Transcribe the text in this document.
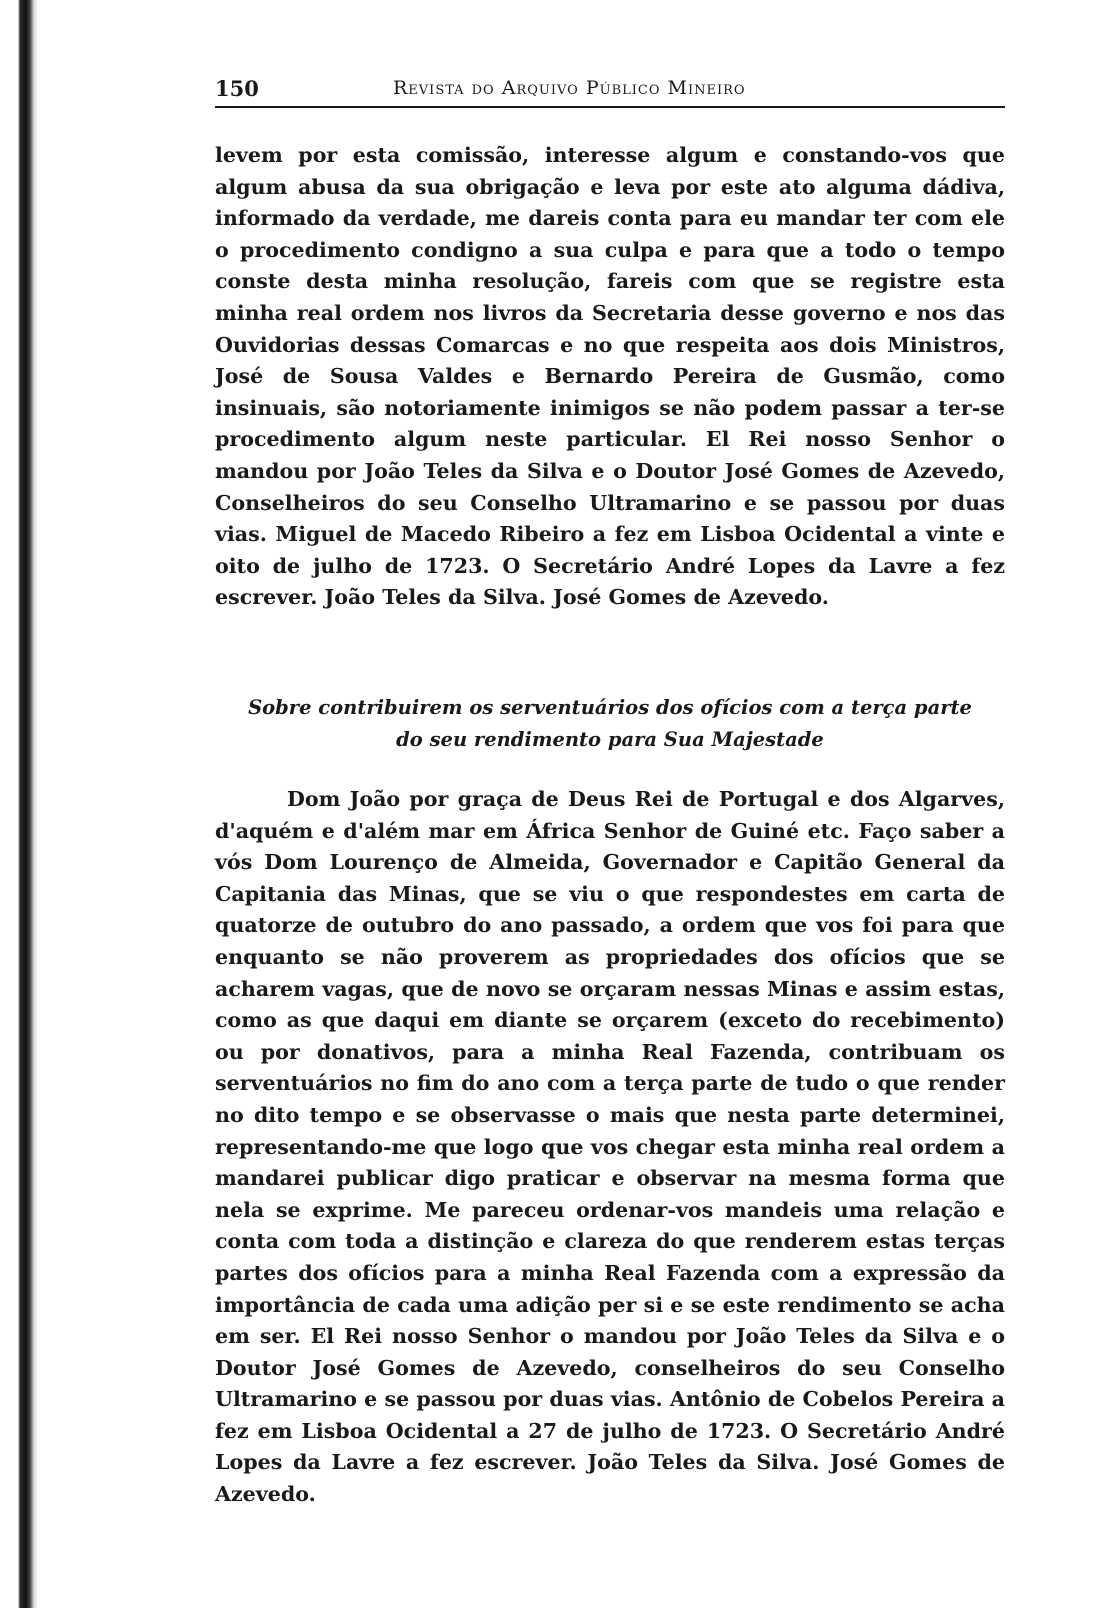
150	Revista do Arquivo Público Mineiro

levem por esta comissão, interesse algum e constando-vos que algum abusa da sua obrigação e leva por este ato alguma dádiva, informado da verdade, me dareis conta para eu mandar ter com ele o procedimento condigno a sua culpa e para que a todo o tempo conste desta minha resolução, fareis com que se registre esta minha real ordem nos livros da Secretaria desse governo e nos das Ouvidorias dessas Comarcas e no que respeita aos dois Ministros, José de Sousa Valdes e Bernardo Pereira de Gusmão, como insinuais, são notoriamente inimigos se não podem passar a ter-se procedimento algum neste particular. El Rei nosso Senhor o mandou por João Teles da Silva e o Doutor José Gomes de Azevedo, Conselheiros do seu Conselho Ultramarino e se passou por duas vias. Miguel de Macedo Ribeiro a fez em Lisboa Ocidental a vinte e oito de julho de 1723. O Secretário André Lopes da Lavre a fez escrever. João Teles da Silva. José Gomes de Azevedo.

Sobre contribuirem os serventuários dos ofícios com a terça parte
do seu rendimento para Sua Majestade

Dom João por graça de Deus Rei de Portugal e dos Algarves, d'aquém e d'além mar em África Senhor de Guiné etc. Faço saber a vós Dom Lourenço de Almeida, Governador e Capitão General da Capitania das Minas, que se viu o que respondestes em carta de quatorze de outubro do ano passado, a ordem que vos foi para que enquanto se não proverem as propriedades dos ofícios que se acharem vagas, que de novo se orçaram nessas Minas e assim estas, como as que daqui em diante se orçarem (exceto do recebimento) ou por donativos, para a minha Real Fazenda, contribuam os serventuários no fim do ano com a terça parte de tudo o que render no dito tempo e se observasse o mais que nesta parte determinei, representando-me que logo que vos chegar esta minha real ordem a mandarei publicar digo praticar e observar na mesma forma que nela se exprime. Me pareceu ordenar-vos mandeis uma relação e conta com toda a distinção e clareza do que renderem estas terças partes dos ofícios para a minha Real Fazenda com a expressão da importância de cada uma adição per si e se este rendimento se acha em ser. El Rei nosso Senhor o mandou por João Teles da Silva e o Doutor José Gomes de Azevedo, conselheiros do seu Conselho Ultramarino e se passou por duas vias. Antônio de Cobelos Pereira a fez em Lisboa Ocidental a 27 de julho de 1723. O Secretário André Lopes da Lavre a fez escrever. João Teles da Silva. José Gomes de Azevedo.
